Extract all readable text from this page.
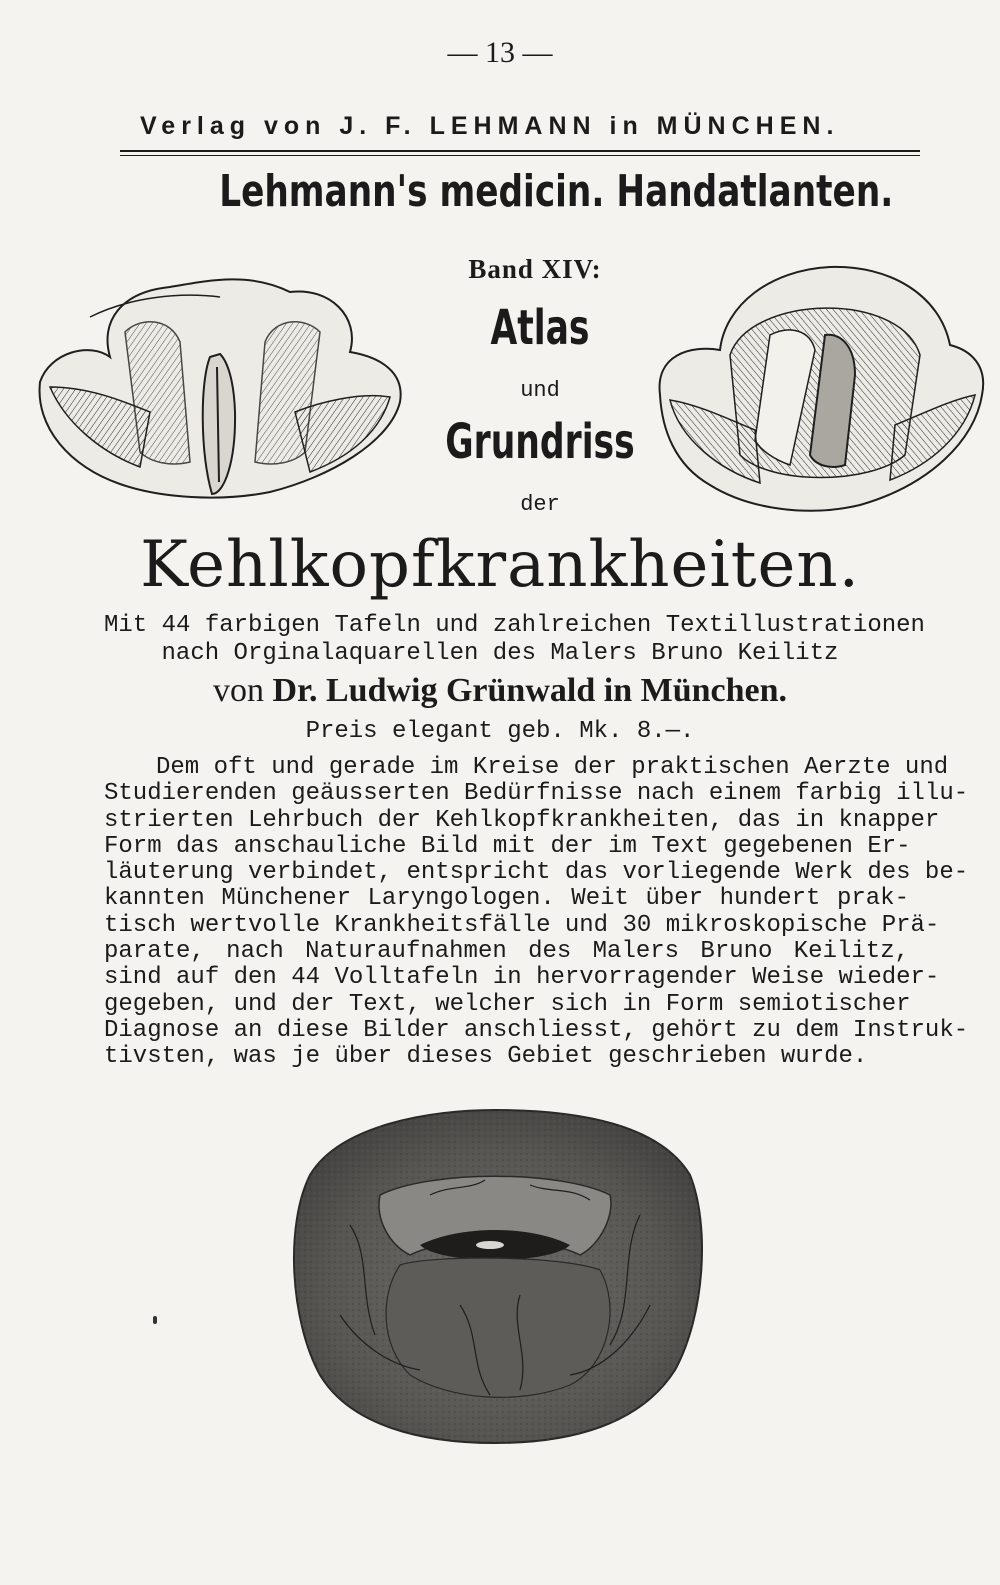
— 13 —
Verlag von J. F. LEHMANN in MÜNCHEN.
Lehmann's medicin. Handatlanten.
Band XIV:
Atlas
und
Grundriss
der
Kehlkopfkrankheiten.
Mit 44 farbigen Tafeln und zahlreichen Textillustrationen
nach Orginalaquarellen des Malers Bruno Keilitz
von Dr. Ludwig Grünwald in München.
Preis elegant geb. Mk. 8.—.
Dem oft und gerade im Kreise der praktischen Aerzte und
Studierenden geäusserten Bedürfnisse nach einem farbig illu-
strierten Lehrbuch der Kehlkopfkrankheiten, das in knapper
Form das anschauliche Bild mit der im Text gegebenen Er-
läuterung verbindet, entspricht das vorliegende Werk des be-
kannten Münchener Laryngologen. Weit über hundert prak-
tisch wertvolle Krankheitsfälle und 30 mikroskopische Prä-
parate, nach Naturaufnahmen des Malers Bruno Keilitz,
sind auf den 44 Volltafeln in hervorragender Weise wieder-
gegeben, und der Text, welcher sich in Form semiotischer
Diagnose an diese Bilder anschliesst, gehört zu dem Instruk-
tivsten, was je über dieses Gebiet geschrieben wurde.
